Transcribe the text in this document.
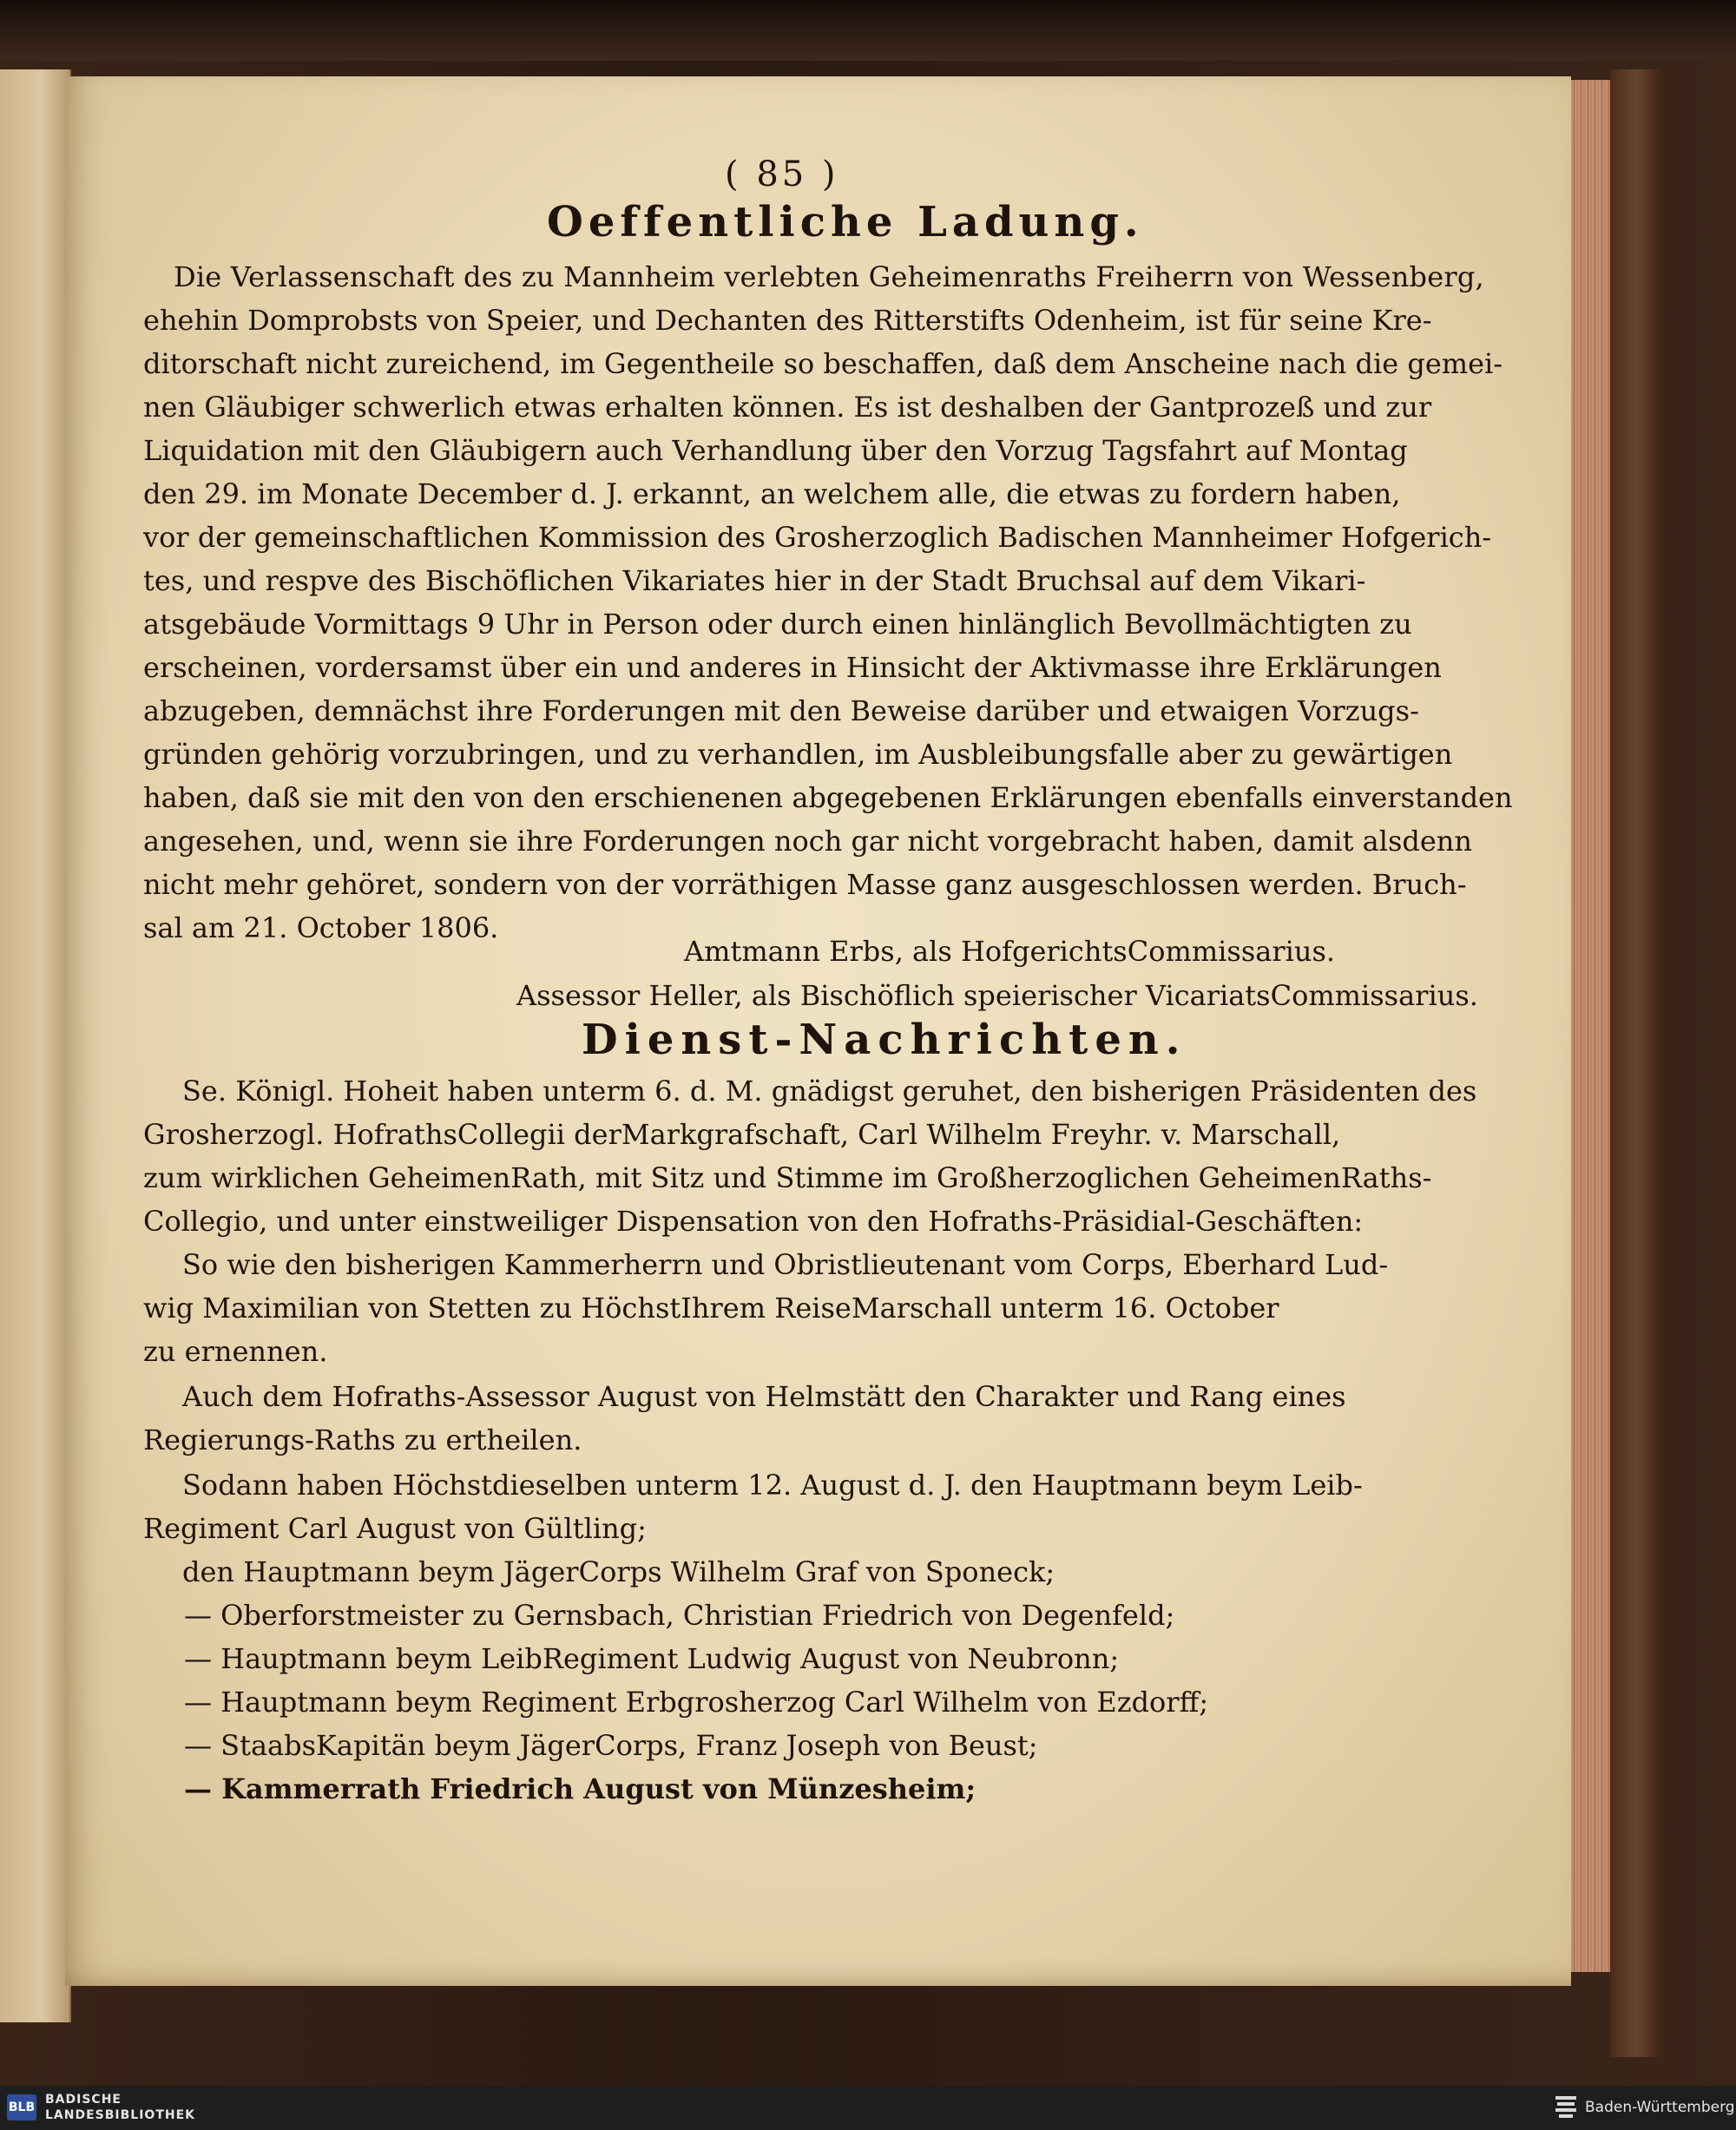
( 85 )
Oeffentliche Ladung.
Die Verlassenschaft des zu Mannheim verlebten Geheimenraths Freiherrn von Wessenberg,
ehehin Domprobsts von Speier, und Dechanten des Ritterstifts Odenheim, ist für seine Kre-
ditorschaft nicht zureichend, im Gegentheile so beschaffen, daß dem Anscheine nach die gemei-
nen Gläubiger schwerlich etwas erhalten können. Es ist deshalben der Gantprozeß und zur
Liquidation mit den Gläubigern auch Verhandlung über den Vorzug Tagsfahrt auf Montag
den 29. im Monate December d. J. erkannt, an welchem alle, die etwas zu fordern haben,
vor der gemeinschaftlichen Kommission des Grosherzoglich Badischen Mannheimer Hofgerich-
tes, und respve des Bischöflichen Vikariates hier in der Stadt Bruchsal auf dem Vikari-
atsgebäude Vormittags 9 Uhr in Person oder durch einen hinlänglich Bevollmächtigten zu
erscheinen, vordersamst über ein und anderes in Hinsicht der Aktivmasse ihre Erklärungen
abzugeben, demnächst ihre Forderungen mit den Beweise darüber und etwaigen Vorzugs-
gründen gehörig vorzubringen, und zu verhandlen, im Ausbleibungsfalle aber zu gewärtigen
haben, daß sie mit den von den erschienenen abgegebenen Erklärungen ebenfalls einverstanden
angesehen, und, wenn sie ihre Forderungen noch gar nicht vorgebracht haben, damit alsdenn
nicht mehr gehöret, sondern von der vorräthigen Masse ganz ausgeschlossen werden. Bruch-
sal am 21. October 1806.
Amtmann Erbs, als HofgerichtsCommissarius.
Assessor Heller, als Bischöflich speierischer VicariatsCommissarius.
Dienst-Nachrichten.
Se. Königl. Hoheit haben unterm 6. d. M. gnädigst geruhet, den bisherigen Präsidenten des
Grosherzogl. HofrathsCollegii derMarkgrafschaft, Carl Wilhelm Freyhr. v. Marschall,
zum wirklichen GeheimenRath, mit Sitz und Stimme im Großherzoglichen GeheimenRaths-
Collegio, und unter einstweiliger Dispensation von den Hofraths-Präsidial-Geschäften:
So wie den bisherigen Kammerherrn und Obristlieutenant vom Corps, Eberhard Lud-
wig Maximilian von Stetten zu HöchstIhrem ReiseMarschall unterm 16. October
zu ernennen.
Auch dem Hofraths-Assessor August von Helmstätt den Charakter und Rang eines
Regierungs-Raths zu ertheilen.
Sodann haben Höchstdieselben unterm 12. August d. J. den Hauptmann beym Leib-
Regiment Carl August von Gültling;
den Hauptmann beym JägerCorps Wilhelm Graf von Sponeck;
— Oberforstmeister zu Gernsbach, Christian Friedrich von Degenfeld;
— Hauptmann beym LeibRegiment Ludwig August von Neubronn;
— Hauptmann beym Regiment Erbgrosherzog Carl Wilhelm von Ezdorff;
— StaabsKapitän beym JägerCorps, Franz Joseph von Beust;
— Kammerrath Friedrich August von Münzesheim;
BLB
BADISCHE
LANDESBIBLIOTHEK	Baden-Württemberg
